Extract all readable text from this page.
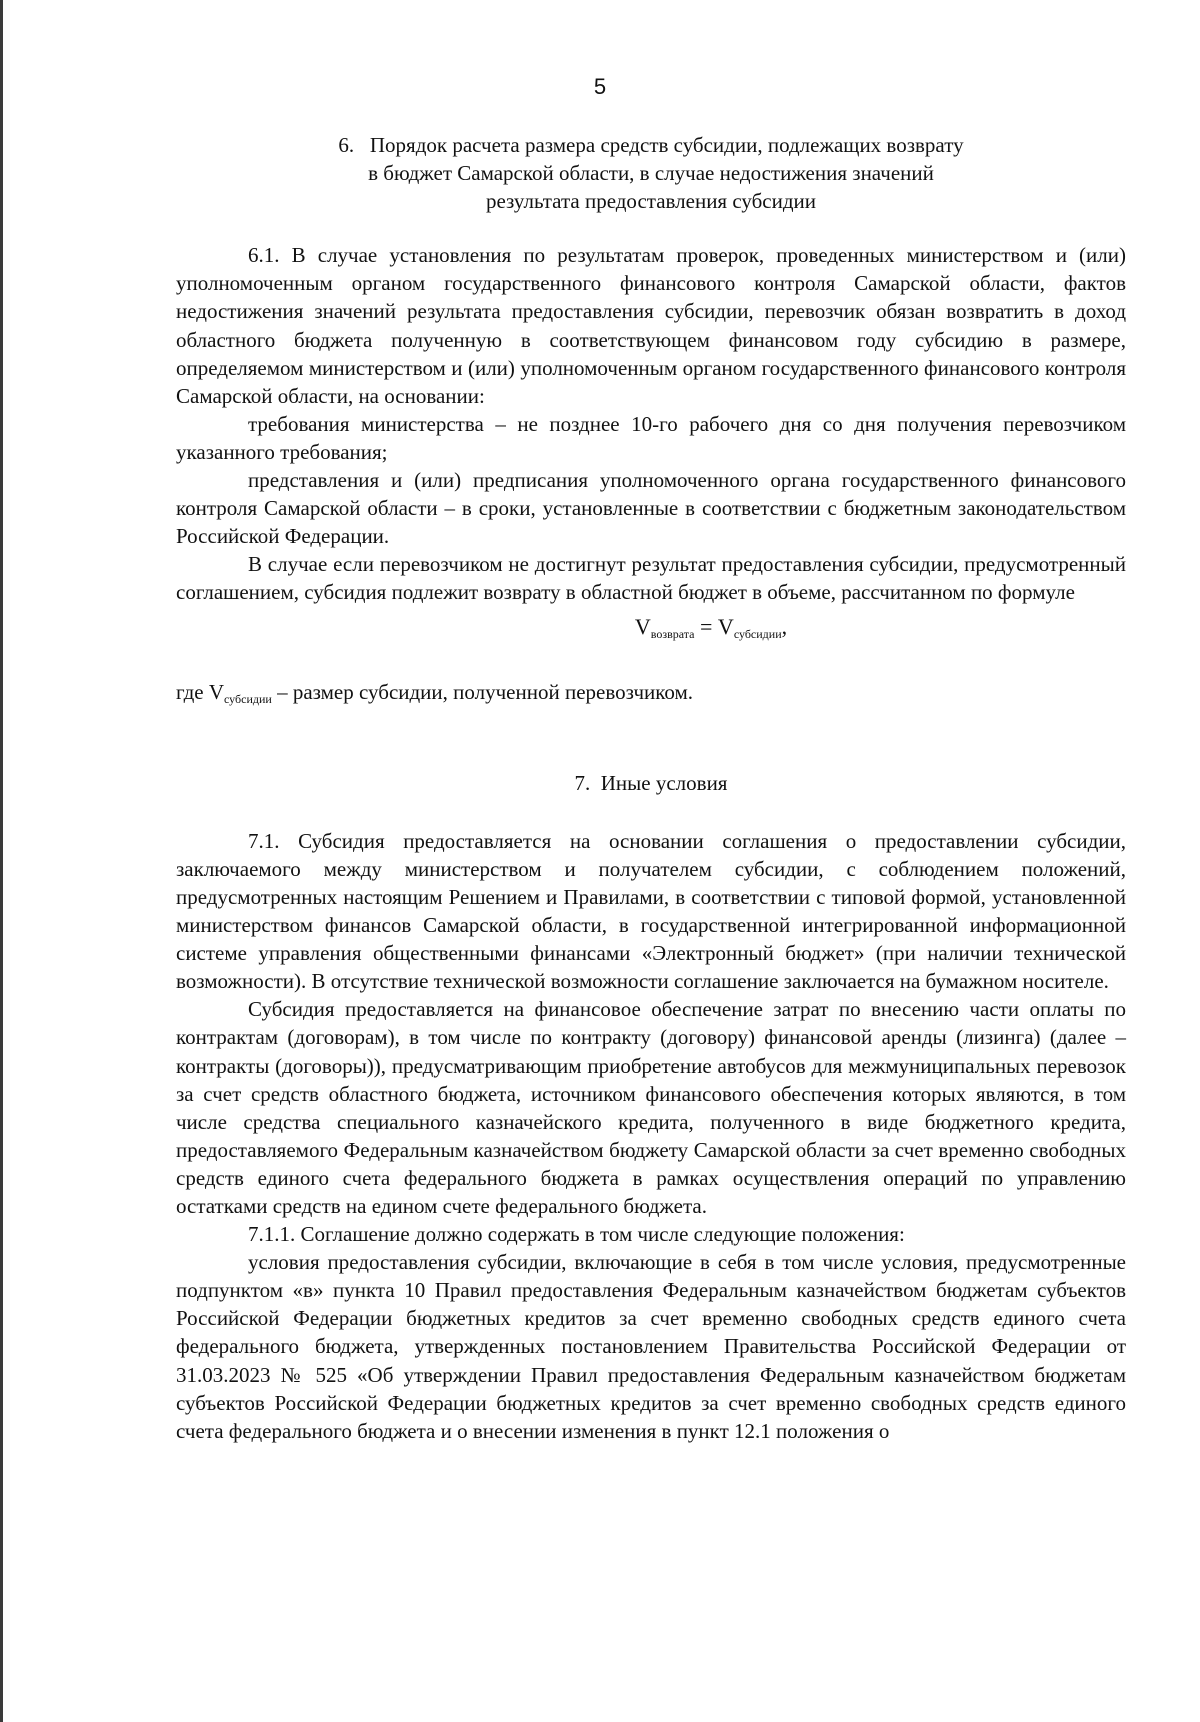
5
6.   Порядок расчета размера средств субсидии, подлежащих возврату
в бюджет Самарской области, в случае недостижения значений
результата предоставления субсидии

6.1. В случае установления по результатам проверок, проведенных министерством и (или) уполномоченным органом государственного финансового контроля Самарской области, фактов недостижения значений результата предоставления субсидии, перевозчик обязан возвратить в доход областного бюджета полученную в соответствующем финансовом году субсидию в размере, определяемом министерством и (или) уполномоченным органом государственного финансового контроля Самарской области, на основании:

требования министерства – не позднее 10-го рабочего дня со дня получения перевозчиком указанного требования;

представления и (или) предписания уполномоченного органа государственного финансового контроля Самарской области – в сроки, установленные в соответствии с бюджетным законодательством Российской Федерации.

В случае если перевозчиком не достигнут результат предоставления субсидии, предусмотренный соглашением, субсидия подлежит возврату в областной бюджет в объеме, рассчитанном по формуле

$V_{возврата} = V_{субсидии}$,

где $V_{субсидии}$ – размер субсидии, полученной перевозчиком.

7.  Иные условия

7.1. Субсидия предоставляется на основании соглашения о предоставлении субсидии, заключаемого между министерством и получателем субсидии, с соблюдением положений, предусмотренных настоящим Решением и Правилами, в соответствии с типовой формой, установленной министерством финансов Самарской области, в государственной интегрированной информационной системе управления общественными финансами «Электронный бюджет» (при наличии технической возможности). В отсутствие технической возможности соглашение заключается на бумажном носителе.

Субсидия предоставляется на финансовое обеспечение затрат по внесению части оплаты по контрактам (договорам), в том числе по контракту (договору) финансовой аренды (лизинга) (далее – контракты (договоры)), предусматривающим приобретение автобусов для межмуниципальных перевозок за счет средств областного бюджета, источником финансового обеспечения которых являются, в том числе средства специального казначейского кредита, полученного в виде бюджетного кредита, предоставляемого Федеральным казначейством бюджету Самарской области за счет временно свободных средств единого счета федерального бюджета в рамках осуществления операций по управлению остатками средств на едином счете федерального бюджета.

7.1.1. Соглашение должно содержать в том числе следующие положения:

условия предоставления субсидии, включающие в себя в том числе условия, предусмотренные подпунктом «в» пункта 10 Правил предоставления Федеральным казначейством бюджетам субъектов Российской Федерации бюджетных кредитов за счет временно свободных средств единого счета федерального бюджета, утвержденных постановлением Правительства Российской Федерации от 31.03.2023 № 525 «Об утверждении Правил предоставления Федеральным казначейством бюджетам субъектов Российской Федерации бюджетных кредитов за счет временно свободных средств единого счета федерального бюджета и о внесении изменения в пункт 12.1 положения о
